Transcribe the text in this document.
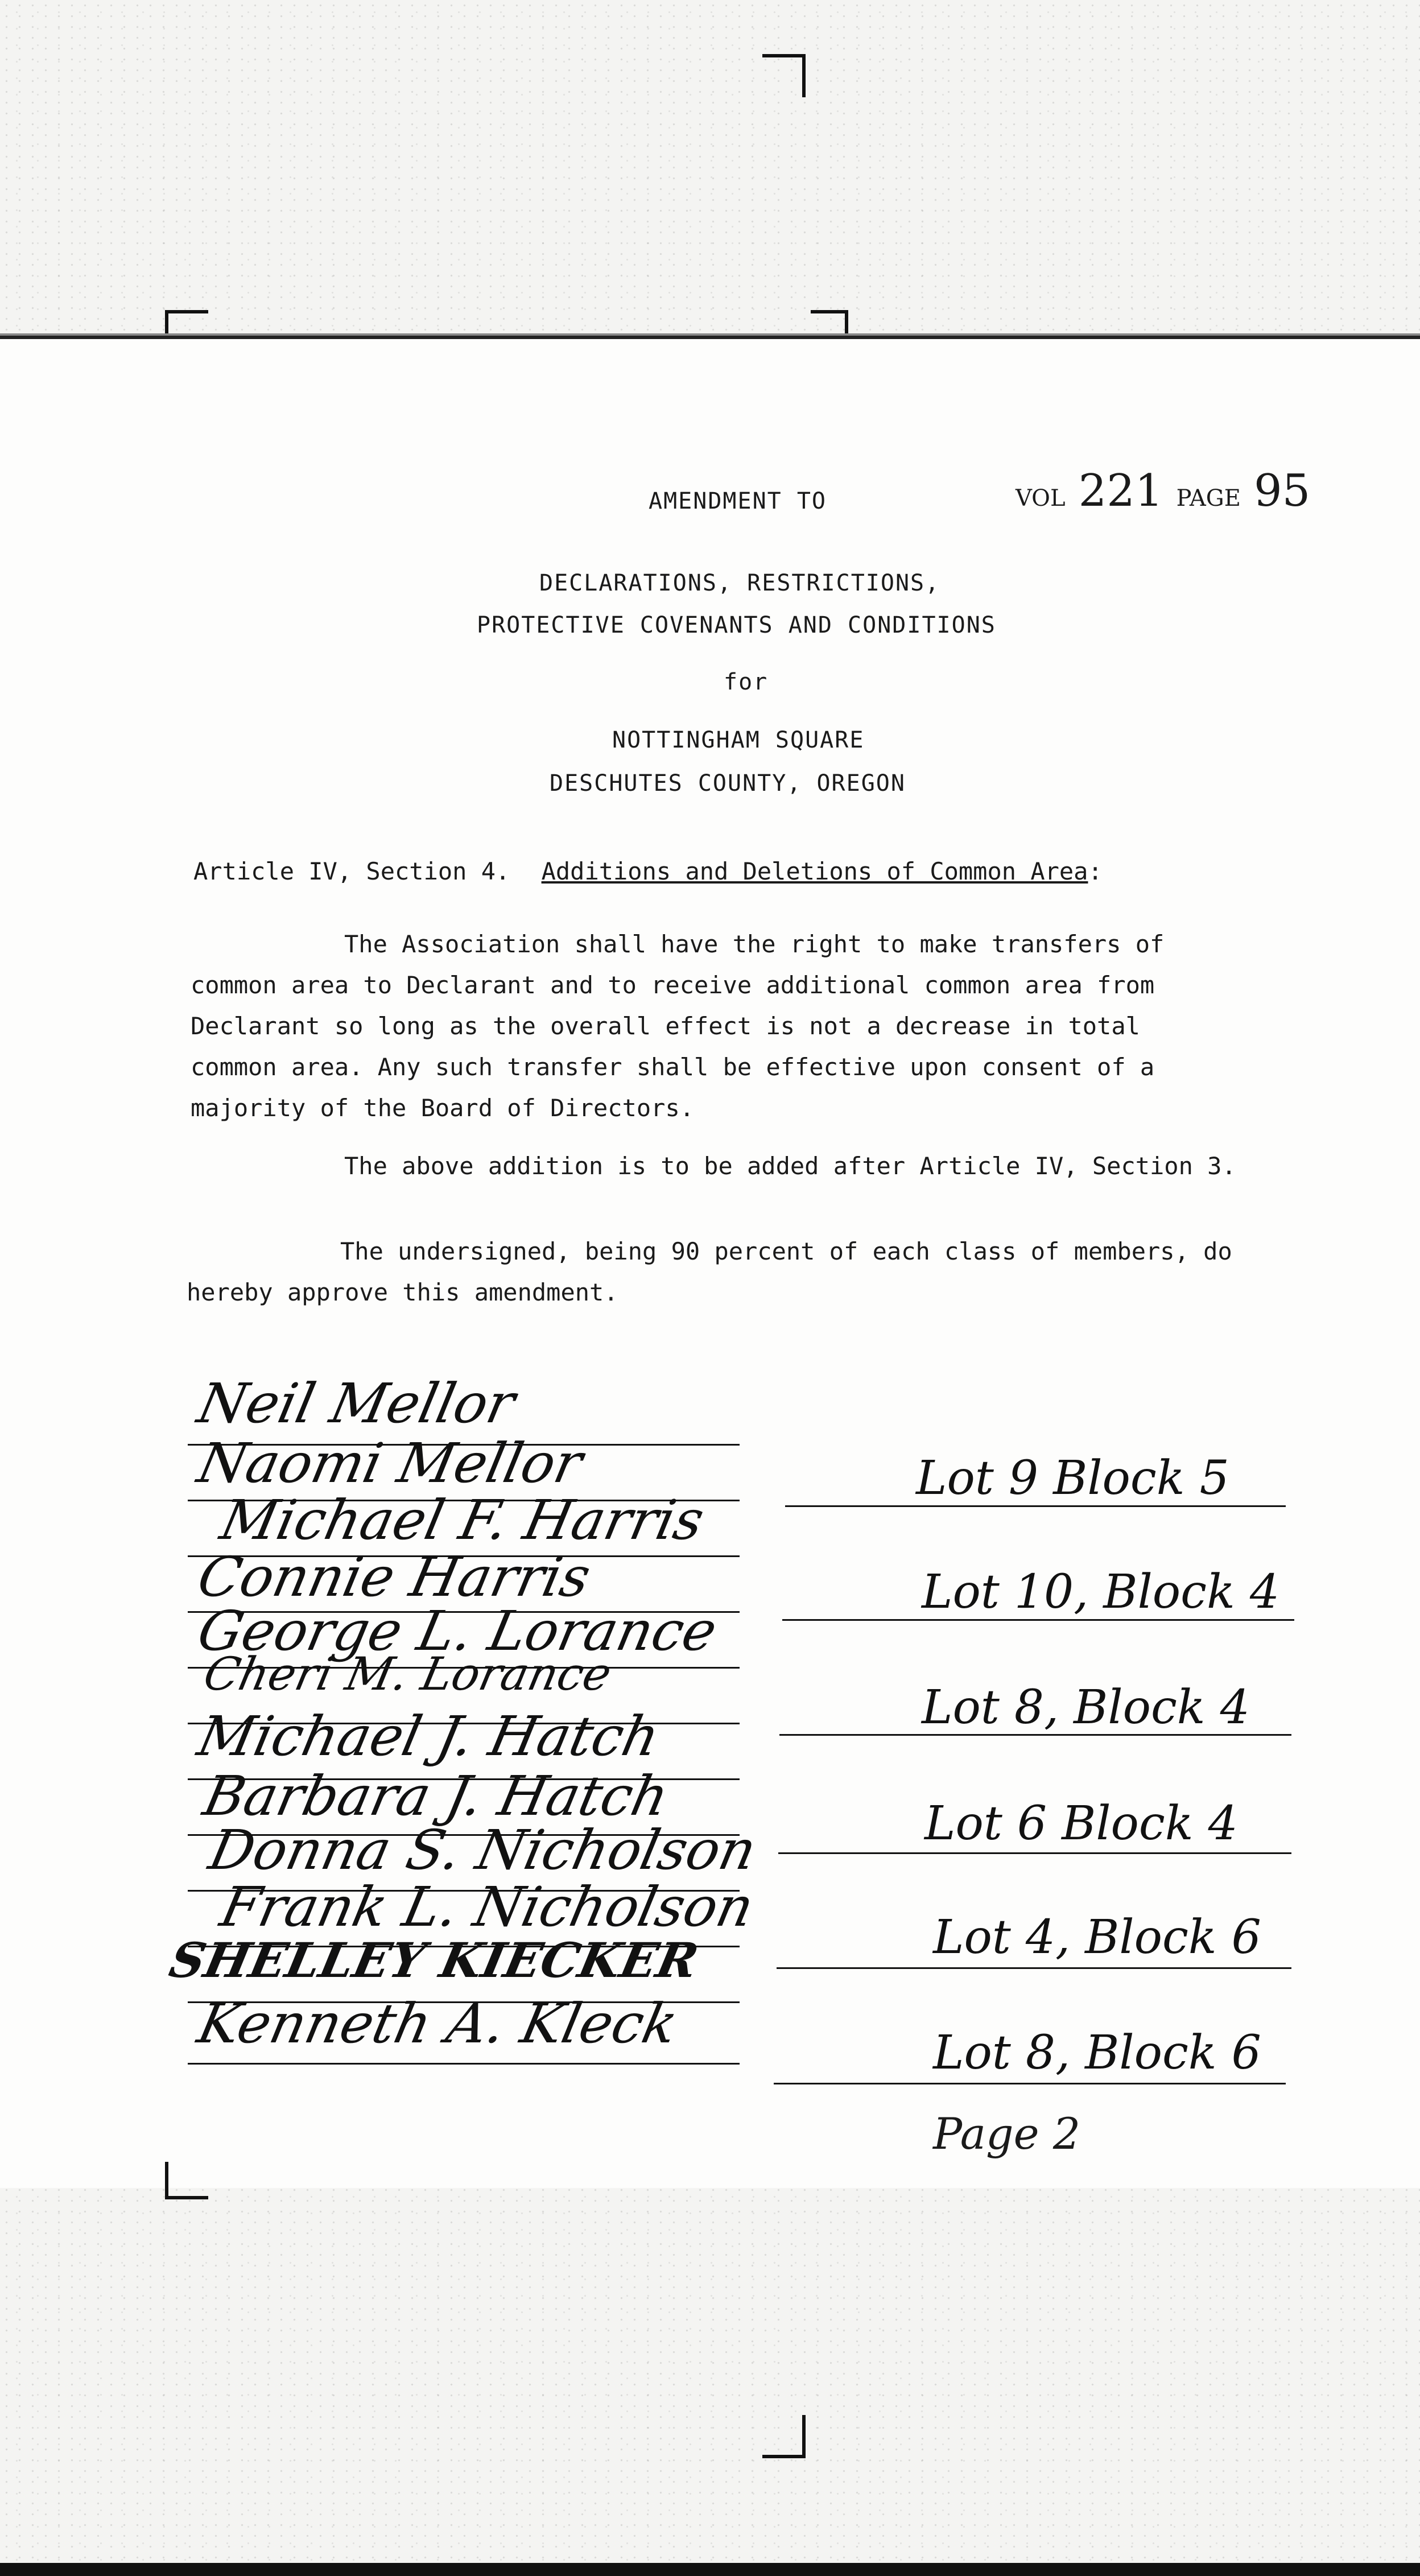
AMENDMENT TO	VOL 221 PAGE 95
DECLARATIONS, RESTRICTIONS,
PROTECTIVE COVENANTS AND CONDITIONS
for
NOTTINGHAM SQUARE
DESCHUTES COUNTY, OREGON
Article IV, Section 4. Additions and Deletions of Common Area:
The Association shall have the right to make transfers of
common area to Declarant and to receive additional common area from
Declarant so long as the overall effect is not a decrease in total
common area. Any such transfer shall be effective upon consent of a
majority of the Board of Directors.
The above addition is to be added after Article IV, Section 3.
The undersigned, being 90 percent of each class of members, do
hereby approve this amendment.
Neil Mellor
Naomi Mellor
Michael F. Harris
Connie Harris
George L. Lorance
Cheri M. Lorance
Michael J. Hatch
Barbara J. Hatch
Donna S. Nicholson
Frank L. Nicholson
SHELLEY KIECKER
Kenneth A. Kleck
Lot 9 Block 5
Lot 10, Block 4
Lot 8, Block 4
Lot 6 Block 4
Lot 4, Block 6
Lot 8, Block 6
Page 2
